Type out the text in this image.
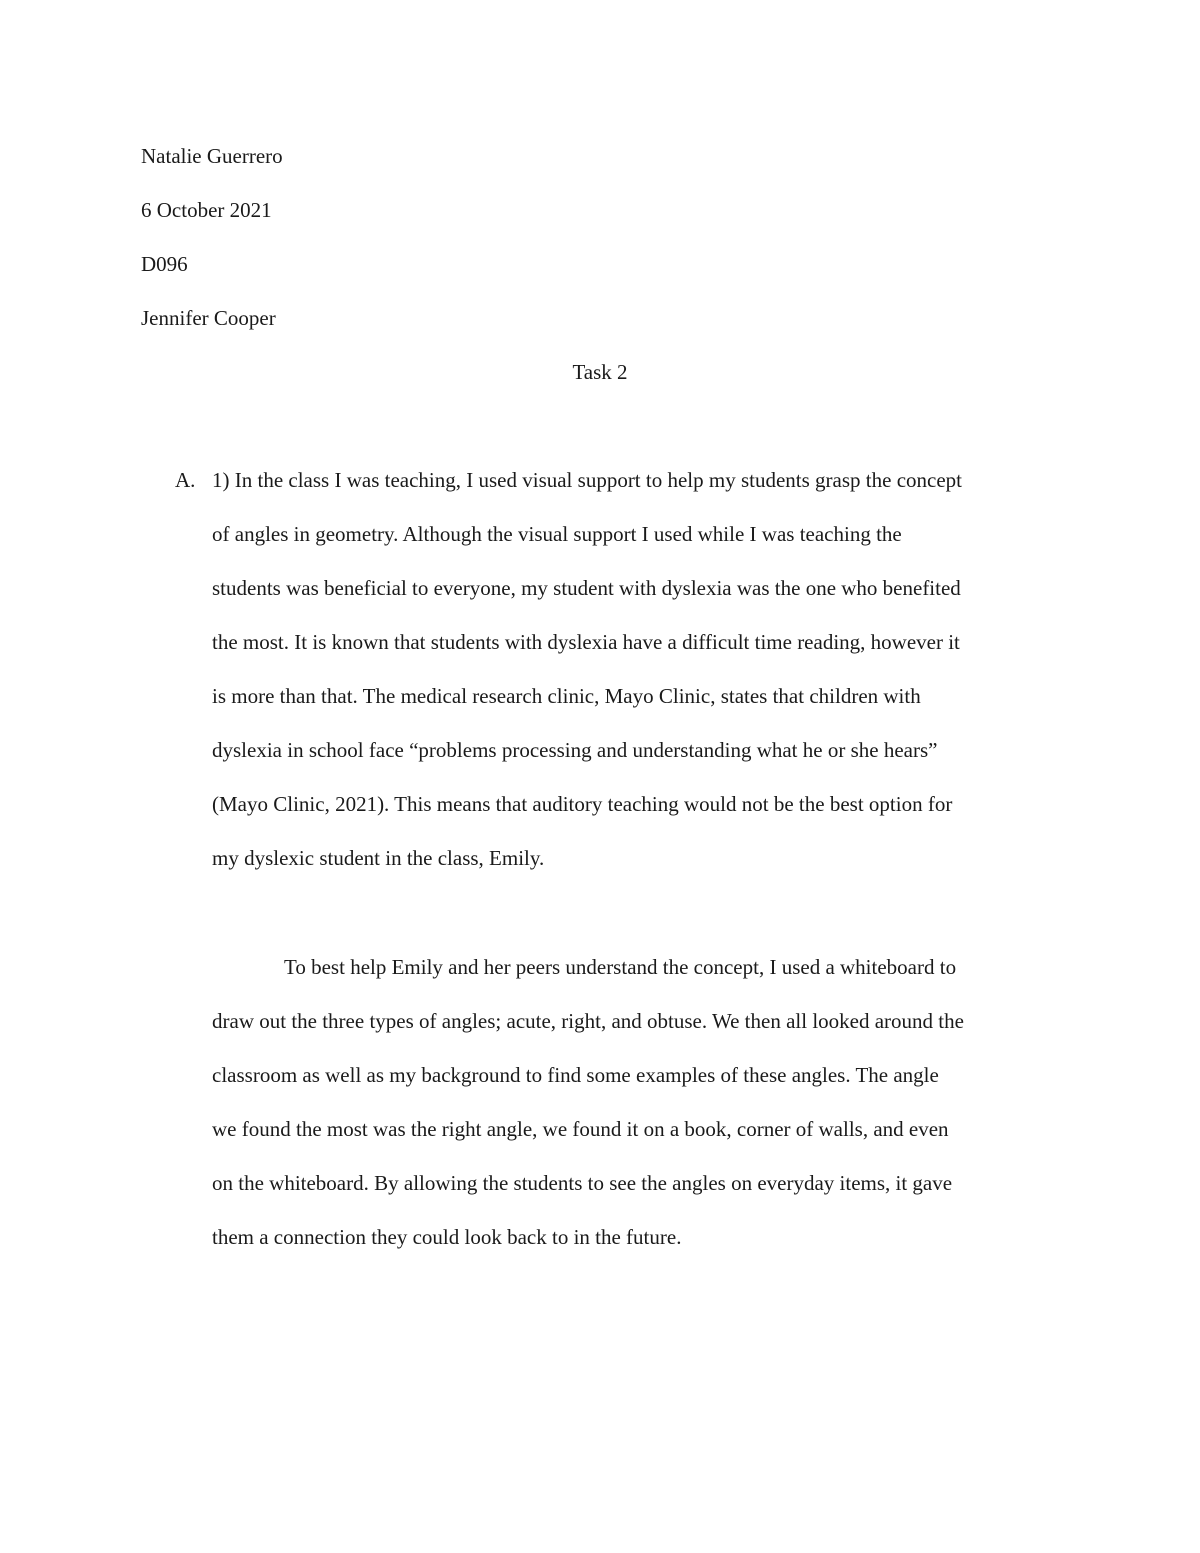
Natalie Guerrero
6 October 2021
D096
Jennifer Cooper
Task 2
A. 1) In the class I was teaching, I used visual support to help my students grasp the concept
of angles in geometry. Although the visual support I used while I was teaching the
students was beneficial to everyone, my student with dyslexia was the one who benefited
the most. It is known that students with dyslexia have a difficult time reading, however it
is more than that. The medical research clinic, Mayo Clinic, states that children with
dyslexia in school face “problems processing and understanding what he or she hears”
(Mayo Clinic, 2021). This means that auditory teaching would not be the best option for
my dyslexic student in the class, Emily.
To best help Emily and her peers understand the concept, I used a whiteboard to
draw out the three types of angles; acute, right, and obtuse. We then all looked around the
classroom as well as my background to find some examples of these angles. The angle
we found the most was the right angle, we found it on a book, corner of walls, and even
on the whiteboard. By allowing the students to see the angles on everyday items, it gave
them a connection they could look back to in the future.
